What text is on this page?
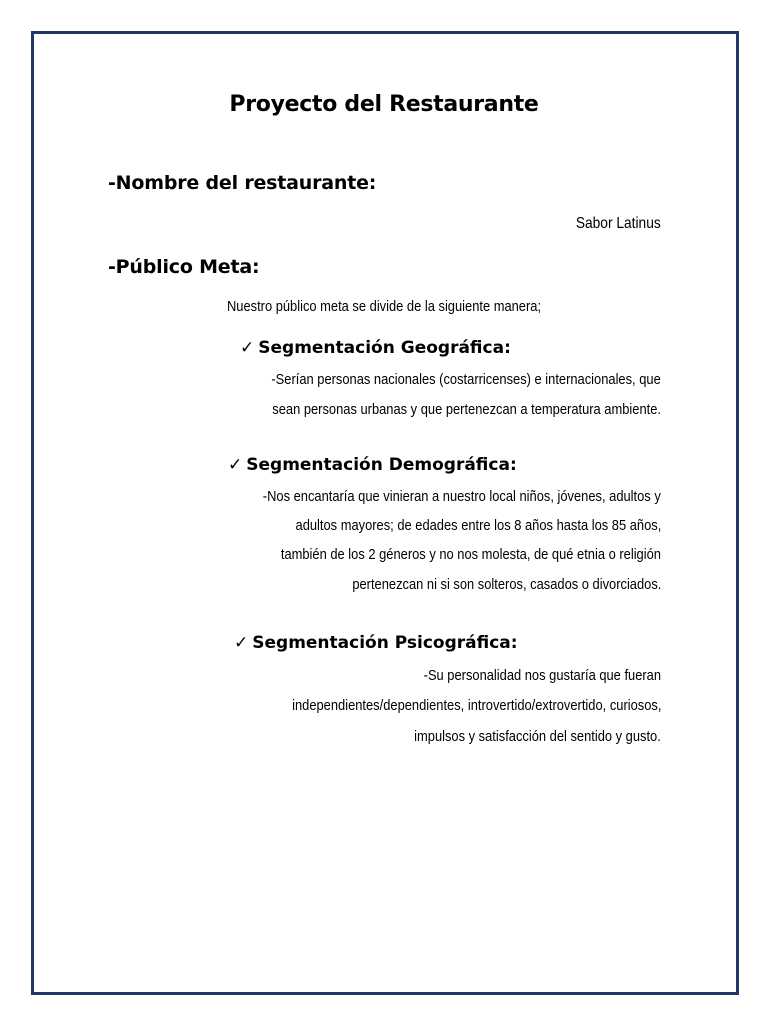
Proyecto del Restaurante
-Nombre del restaurante:
Sabor Latinus
-Público Meta:
Nuestro público meta se divide de la siguiente manera;
✓ Segmentación Geográfica:
-Serían personas nacionales (costarricenses) e internacionales, que
sean personas urbanas y que pertenezcan a temperatura ambiente.
✓ Segmentación Demográfica:
-Nos encantaría que vinieran a nuestro local niños, jóvenes, adultos y
adultos mayores; de edades entre los 8 años hasta los 85 años,
también de los 2 géneros y no nos molesta, de qué etnia o religión
pertenezcan ni si son solteros, casados o divorciados.
✓ Segmentación Psicográfica:
-Su personalidad nos gustaría que fueran
independientes/dependientes, introvertido/extrovertido, curiosos,
impulsos y satisfacción del sentido y gusto.
